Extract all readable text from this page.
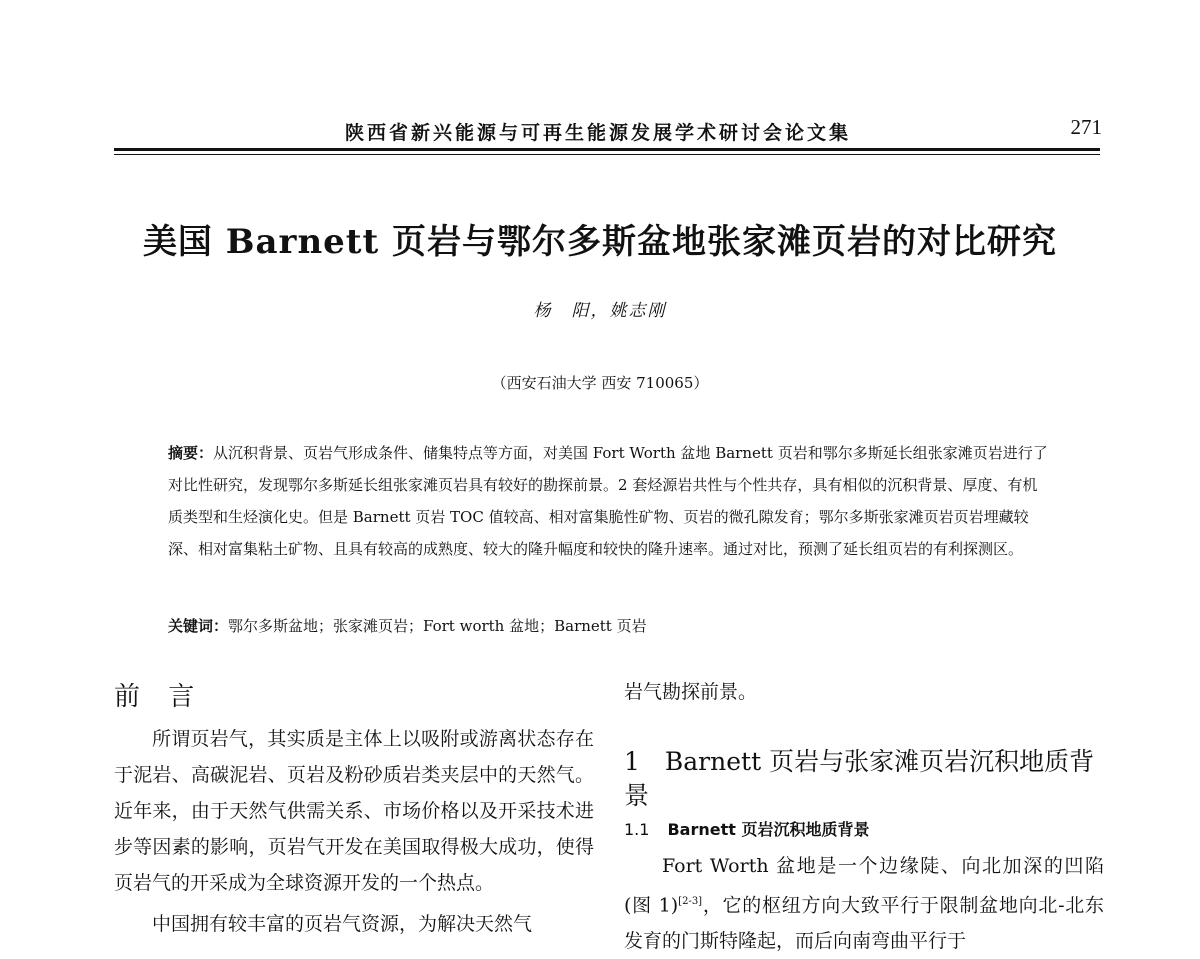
陕西省新兴能源与可再生能源发展学术研讨会论文集	271
美国 Barnett 页岩与鄂尔多斯盆地张家滩页岩的对比研究
杨　阳，姚志刚
（西安石油大学 西安 710065）
摘要：从沉积背景、页岩气形成条件、储集特点等方面，对美国 Fort Worth 盆地 Barnett 页岩和鄂尔多斯延长组张家滩页岩进行了对比性研究，发现鄂尔多斯延长组张家滩页岩具有较好的勘探前景。2 套烃源岩共性与个性共存，具有相似的沉积背景、厚度、有机质类型和生烃演化史。但是 Barnett 页岩 TOC 值较高、相对富集脆性矿物、页岩的微孔隙发育；鄂尔多斯张家滩页岩页岩埋藏较深、相对富集粘土矿物、且具有较高的成熟度、较大的隆升幅度和较快的隆升速率。通过对比，预测了延长组页岩的有利探测区。
关键词：鄂尔多斯盆地；张家滩页岩；Fort worth 盆地；Barnett 页岩
前 言

所谓页岩气，其实质是主体上以吸附或游离状态存在于泥岩、高碳泥岩、页岩及粉砂质岩类夹层中的天然气。近年来，由于天然气供需关系、市场价格以及开采技术进步等因素的影响，页岩气开发在美国取得极大成功，使得页岩气的开采成为全球资源开发的一个热点。

中国拥有较丰富的页岩气资源，为解决天然气

岩气勘探前景。

1　Barnett 页岩与张家滩页岩沉积地质背景
1.1 Barnett 页岩沉积地质背景

Fort Worth 盆地是一个边缘陡、向北加深的凹陷 (图 1)[2-3]，它的枢纽方向大致平行于限制盆地向北-北东发育的门斯特隆起，而后向南弯曲平行于
